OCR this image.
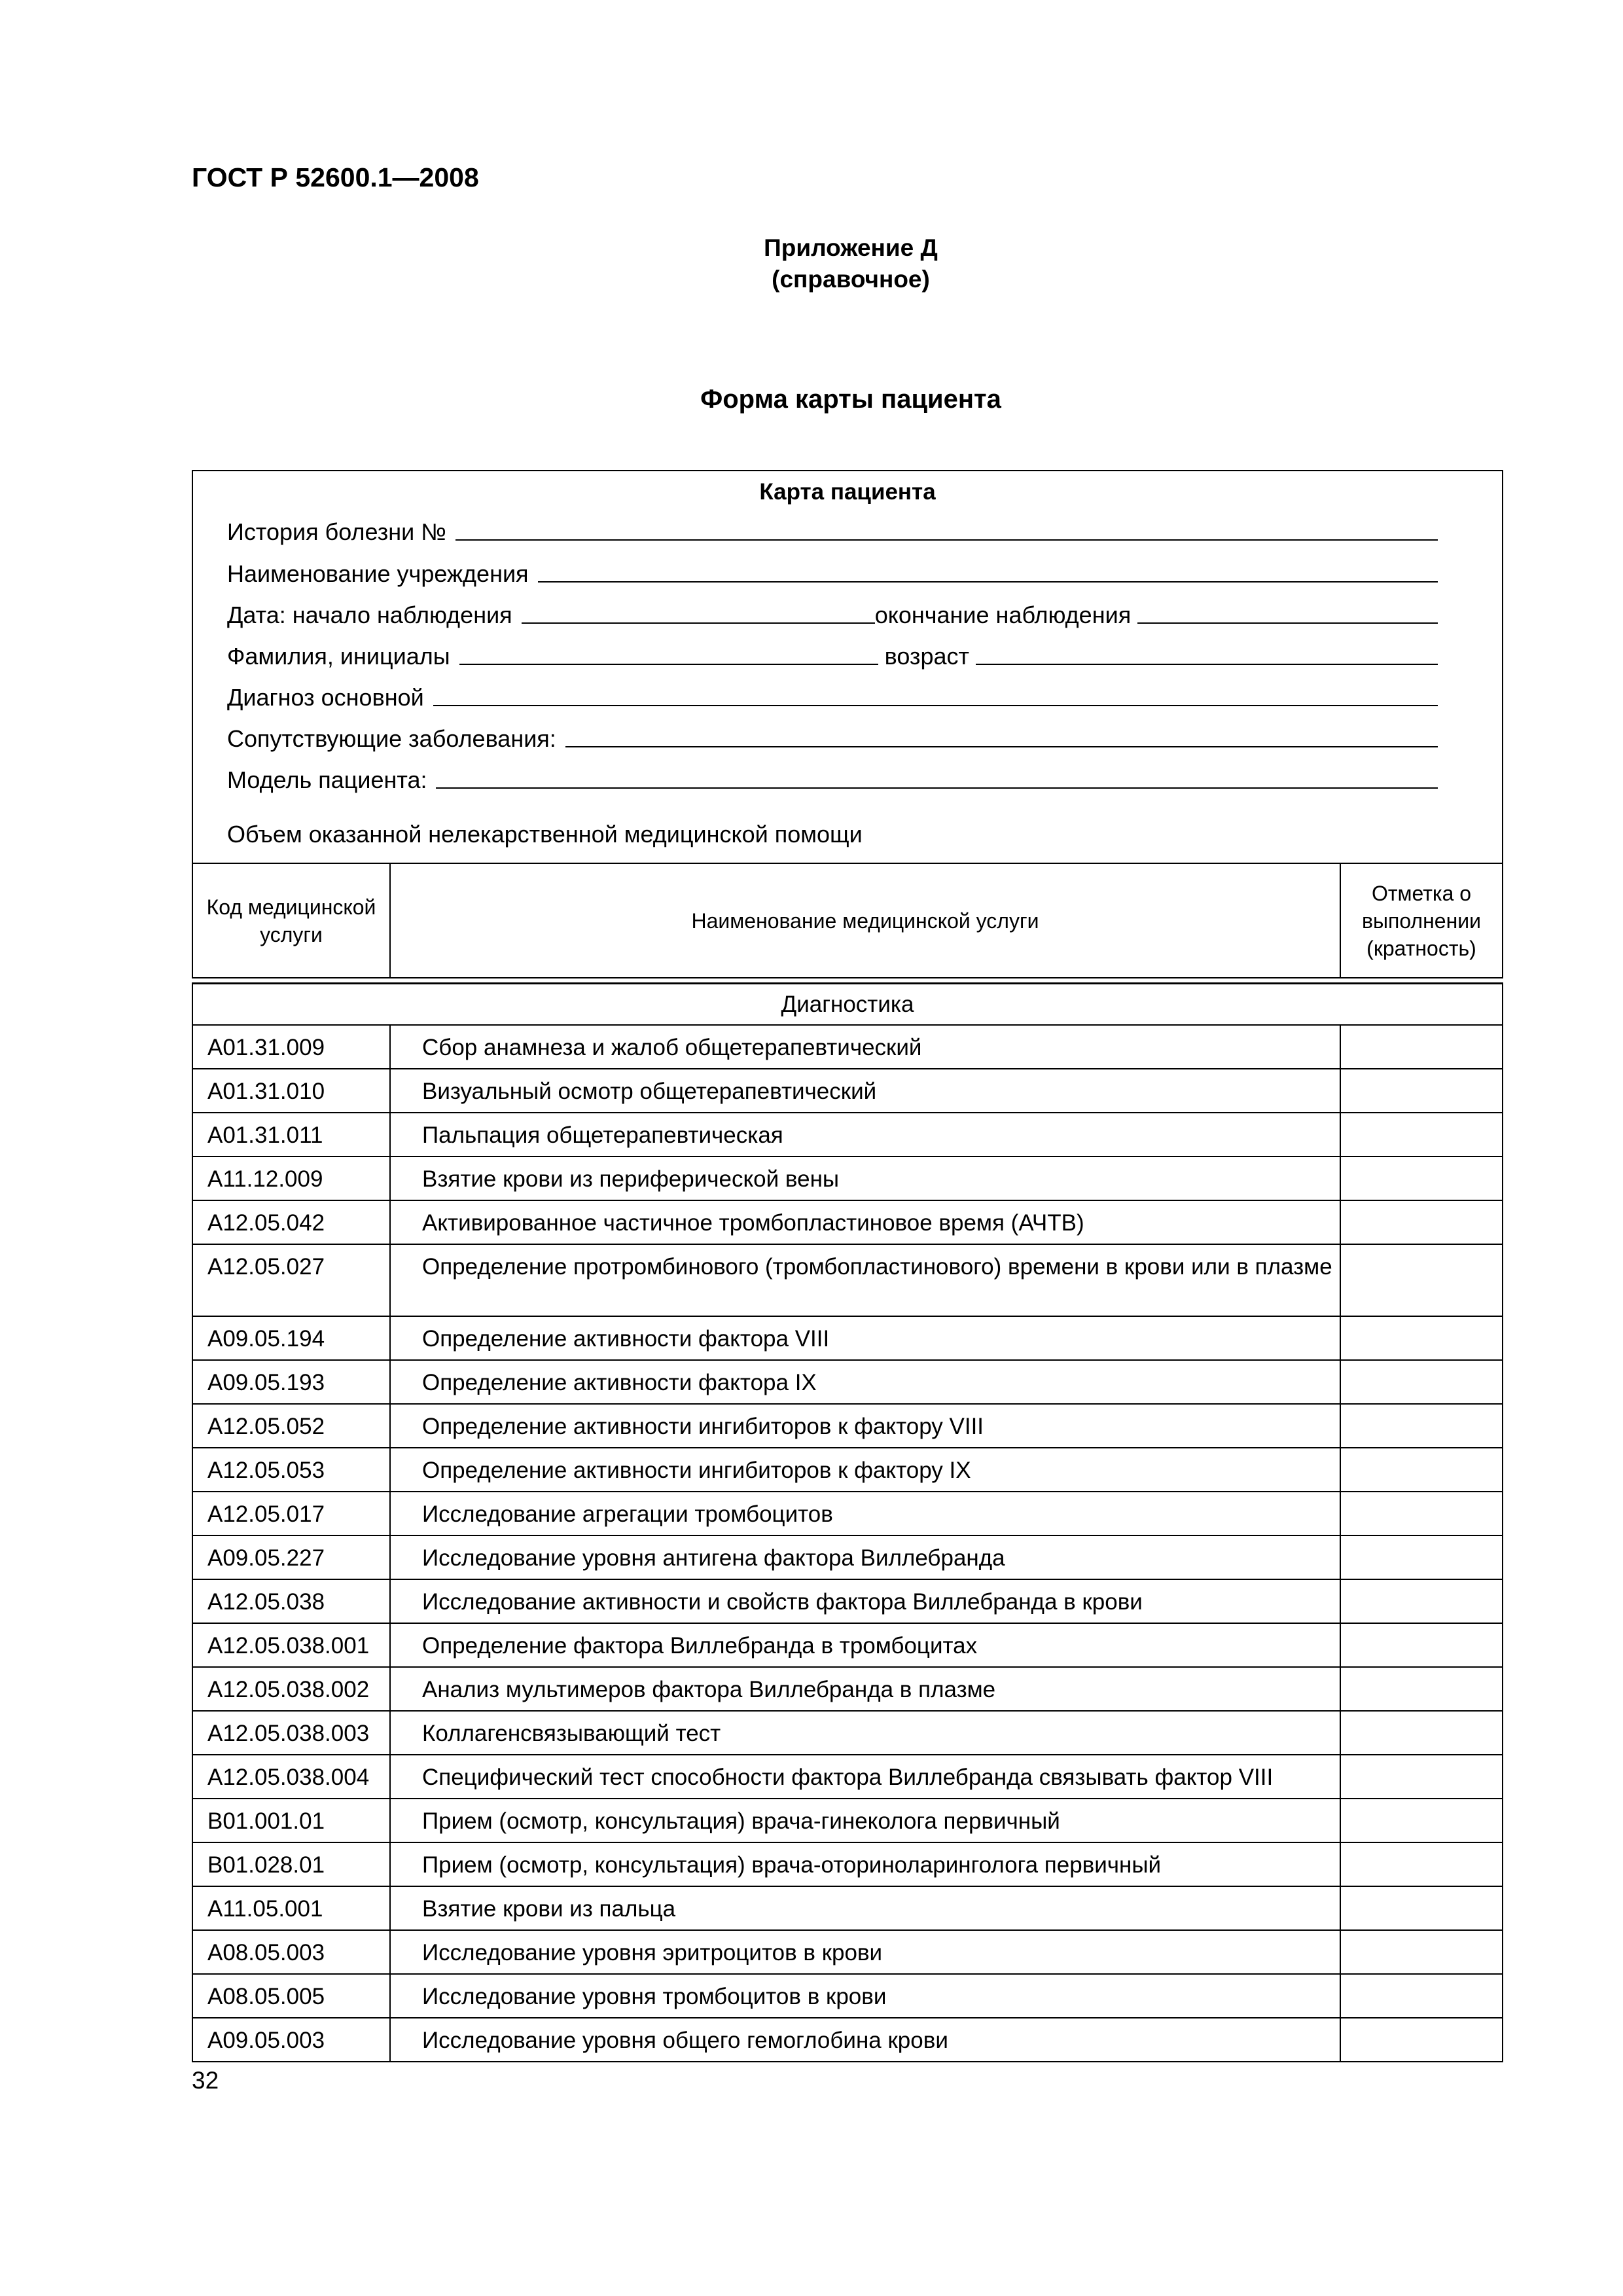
ГОСТ Р 52600.1—2008
Приложение Д
(справочное)
Форма карты пациента
Карта пациента
История болезни №
Наименование учреждения
Дата: начало наблюдения	окончание наблюдения
Фамилия, инициалы	возраст
Диагноз основной
Сопутствующие заболевания:
Модель пациента:
Объем оказанной нелекарственной медицинской помощи
Код медицинской услуги
Наименование медицинской услуги
Отметка о выполнении (кратность)
Диагностика
A01.31.009	Сбор анамнеза и жалоб общетерапевтический
A01.31.010	Визуальный осмотр общетерапевтический
A01.31.011	Пальпация общетерапевтическая
A11.12.009	Взятие крови из периферической вены
A12.05.042	Активированное частичное тромбопластиновое время (АЧТВ)
A12.05.027	Определение протромбинового (тромбопластинового) времени в крови или в плазме
A09.05.194	Определение активности фактора VIII
A09.05.193	Определение активности фактора IX
A12.05.052	Определение активности ингибиторов к фактору VIII
A12.05.053	Определение активности ингибиторов к фактору IX
A12.05.017	Исследование агрегации тромбоцитов
A09.05.227	Исследование уровня антигена фактора Виллебранда
A12.05.038	Исследование активности и свойств фактора Виллебранда в крови
A12.05.038.001	Определение фактора Виллебранда в тромбоцитах
A12.05.038.002	Анализ мультимеров фактора Виллебранда в плазме
A12.05.038.003	Коллагенсвязывающий тест
A12.05.038.004	Специфический тест способности фактора Виллебранда связывать фактор VIII
B01.001.01	Прием (осмотр, консультация) врача-гинеколога первичный
B01.028.01	Прием (осмотр, консультация) врача-оториноларинголога первичный
A11.05.001	Взятие крови из пальца
A08.05.003	Исследование уровня эритроцитов в крови
A08.05.005	Исследование уровня тромбоцитов в крови
A09.05.003	Исследование уровня общего гемоглобина крови
32
